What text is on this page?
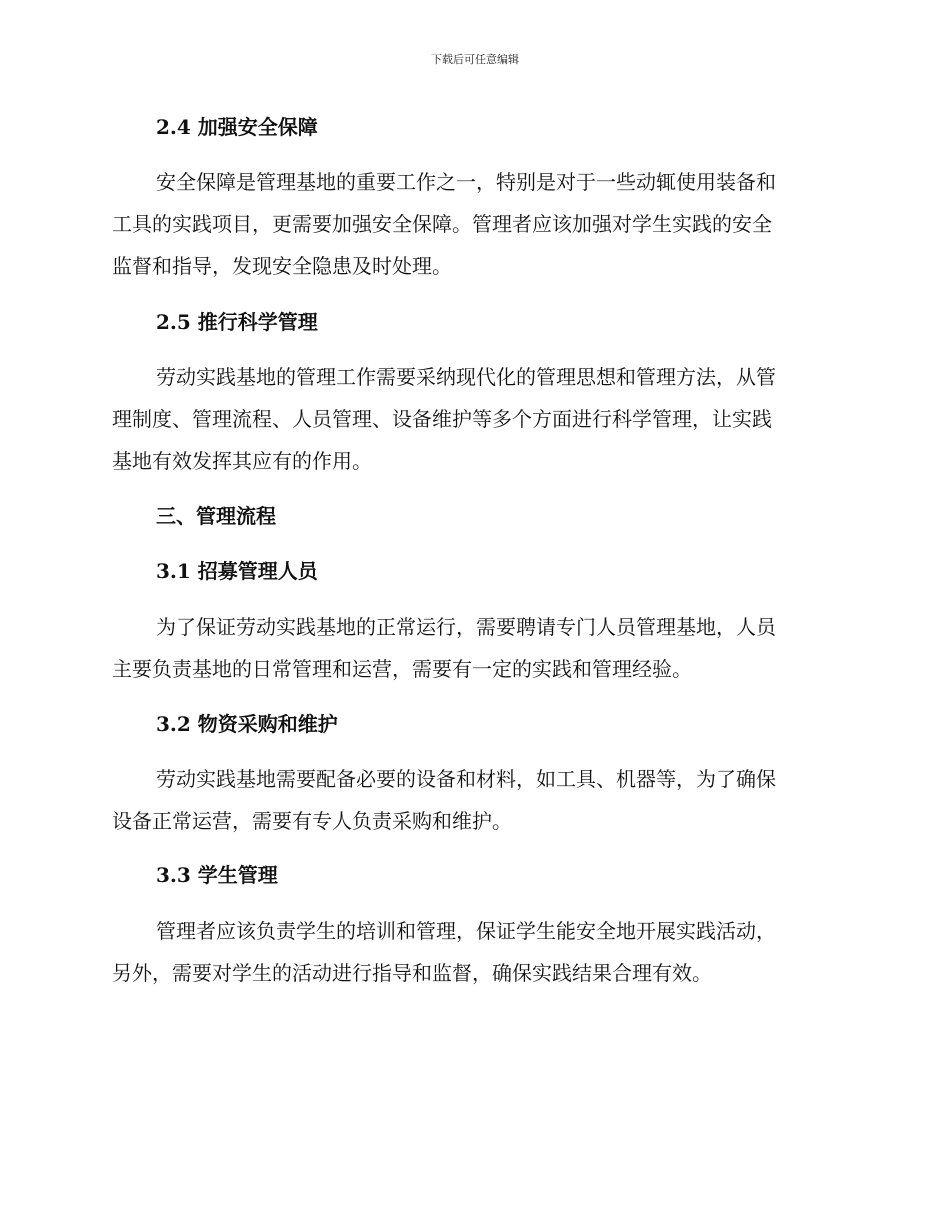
下载后可任意编辑
2.4 加强安全保障
安全保障是管理基地的重要工作之一，特别是对于一些动辄使用装备和
工具的实践项目，更需要加强安全保障。管理者应该加强对学生实践的安全
监督和指导，发现安全隐患及时处理。
2.5 推行科学管理
劳动实践基地的管理工作需要采纳现代化的管理思想和管理方法，从管
理制度、管理流程、人员管理、设备维护等多个方面进行科学管理，让实践
基地有效发挥其应有的作用。
三、管理流程
3.1 招募管理人员
为了保证劳动实践基地的正常运行，需要聘请专门人员管理基地，人员
主要负责基地的日常管理和运营，需要有一定的实践和管理经验。
3.2 物资采购和维护
劳动实践基地需要配备必要的设备和材料，如工具、机器等，为了确保
设备正常运营，需要有专人负责采购和维护。
3.3 学生管理
管理者应该负责学生的培训和管理，保证学生能安全地开展实践活动，
另外，需要对学生的活动进行指导和监督，确保实践结果合理有效。
